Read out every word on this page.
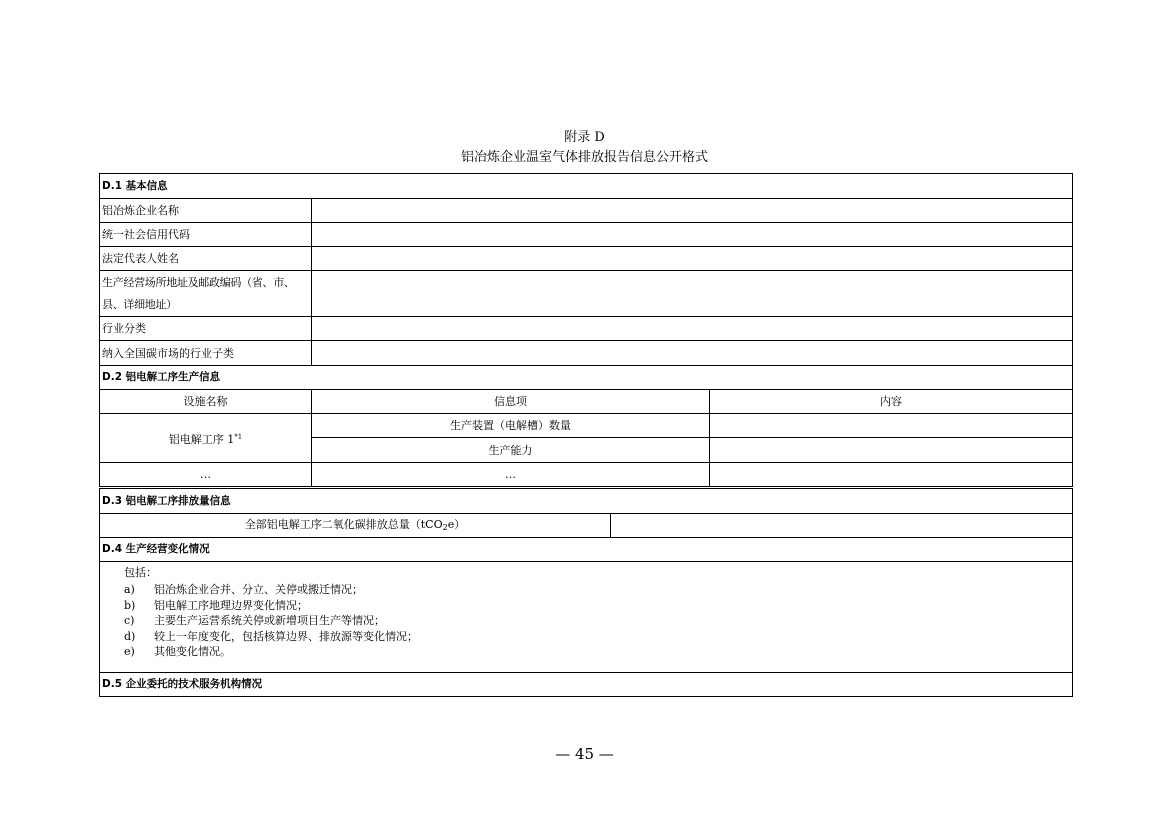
附录 D
铝冶炼企业温室气体排放报告信息公开格式
D.1 基本信息		
铝冶炼企业名称		
统一社会信用代码		
法定代表人姓名		
生产经营场所地址及邮政编码（省、市、县、详细地址）		
行业分类		
纳入全国碳市场的行业子类		
D.2 铝电解工序生产信息		
设施名称	信息项	内容
铝电解工序 1$^{*1}$	生产装置（电解槽）数量	
	生产能力	
…	…	
D.3 铝电解工序排放量信息
全部铝电解工序二氧化碳排放总量（tCO$_2$e）	
D.4 生产经营变化情况

包括：
a)	铝冶炼企业合并、分立、关停或搬迁情况；
b)	铝电解工序地理边界变化情况；
c)	主要生产运营系统关停或新增项目生产等情况；
d)	较上一年度变化，包括核算边界、排放源等变化情况；
e)	其他变化情况。

D.5 企业委托的技术服务机构情况
— 45 —
